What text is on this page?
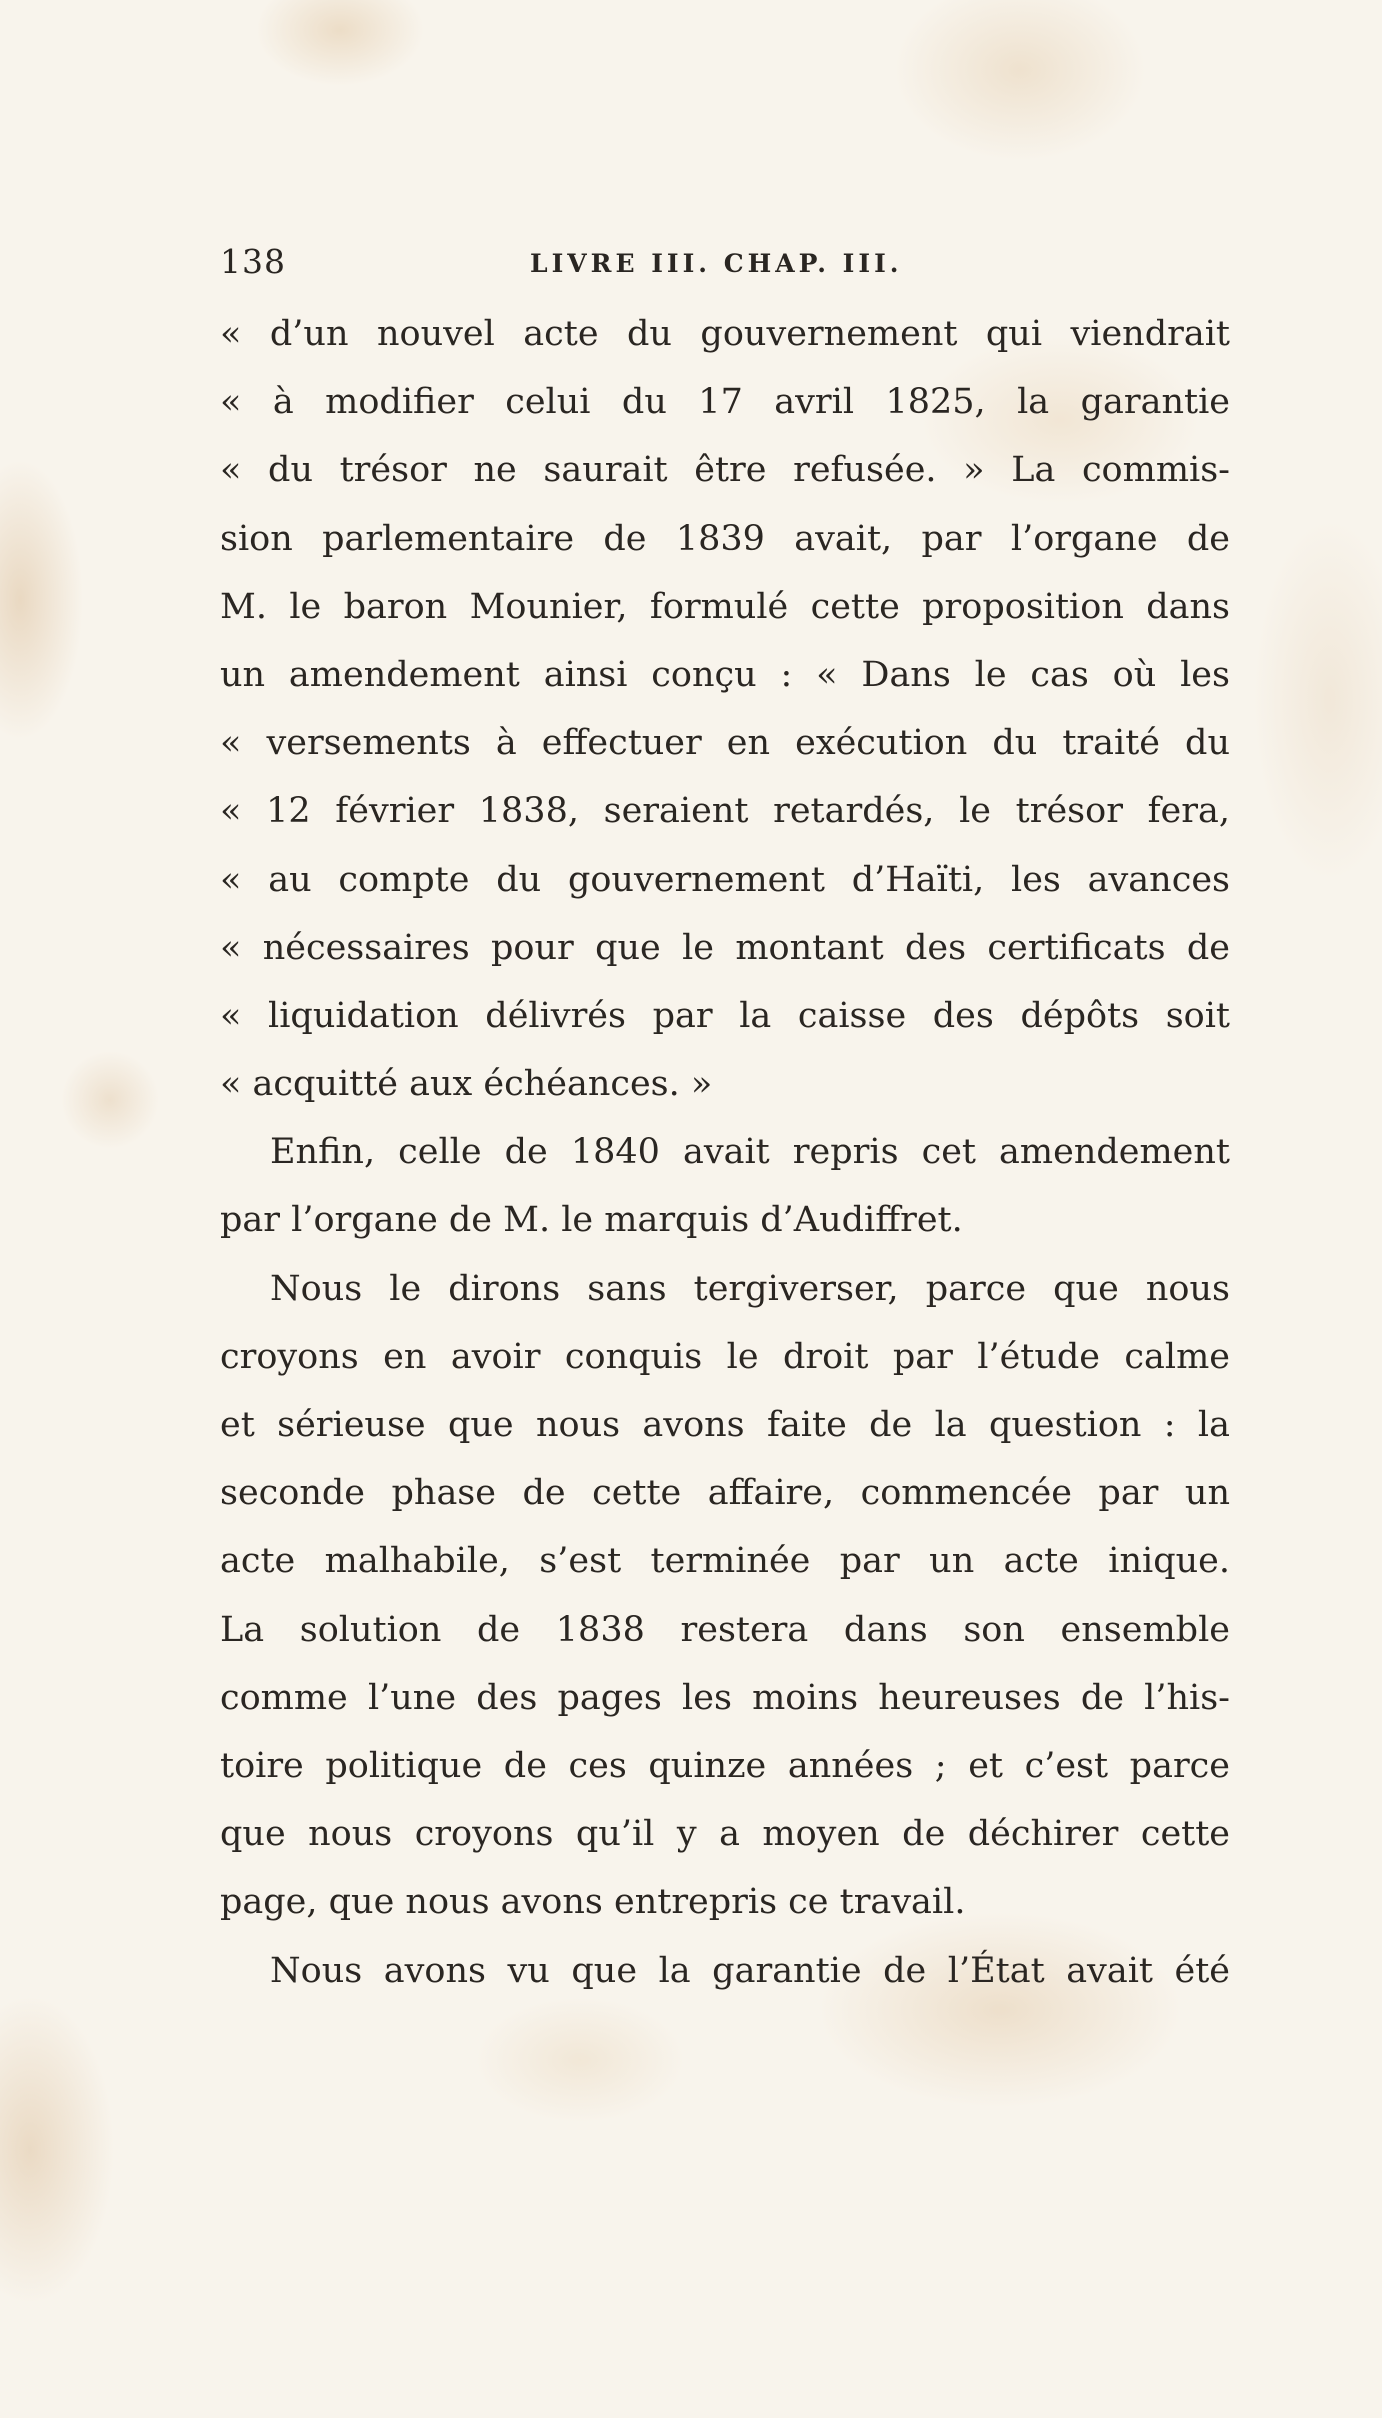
138	LIVRE III. CHAP. III.
« d’un nouvel acte du gouvernement qui viendrait
« à modifier celui du 17 avril 1825, la garantie
« du trésor ne saurait être refusée. » La commis-
sion parlementaire de 1839 avait, par l’organe de
M. le baron Mounier, formulé cette proposition dans
un amendement ainsi conçu : « Dans le cas où les
« versements à effectuer en exécution du traité du
« 12 février 1838, seraient retardés, le trésor fera,
« au compte du gouvernement d’Haïti, les avances
« nécessaires pour que le montant des certificats de
« liquidation délivrés par la caisse des dépôts soit
« acquitté aux échéances. »
Enfin, celle de 1840 avait repris cet amendement
par l’organe de M. le marquis d’Audiffret.
Nous le dirons sans tergiverser, parce que nous
croyons en avoir conquis le droit par l’étude calme
et sérieuse que nous avons faite de la question : la
seconde phase de cette affaire, commencée par un
acte malhabile, s’est terminée par un acte inique.
La solution de 1838 restera dans son ensemble
comme l’une des pages les moins heureuses de l’his-
toire politique de ces quinze années ; et c’est parce
que nous croyons qu’il y a moyen de déchirer cette
page, que nous avons entrepris ce travail.
Nous avons vu que la garantie de l’État avait été
